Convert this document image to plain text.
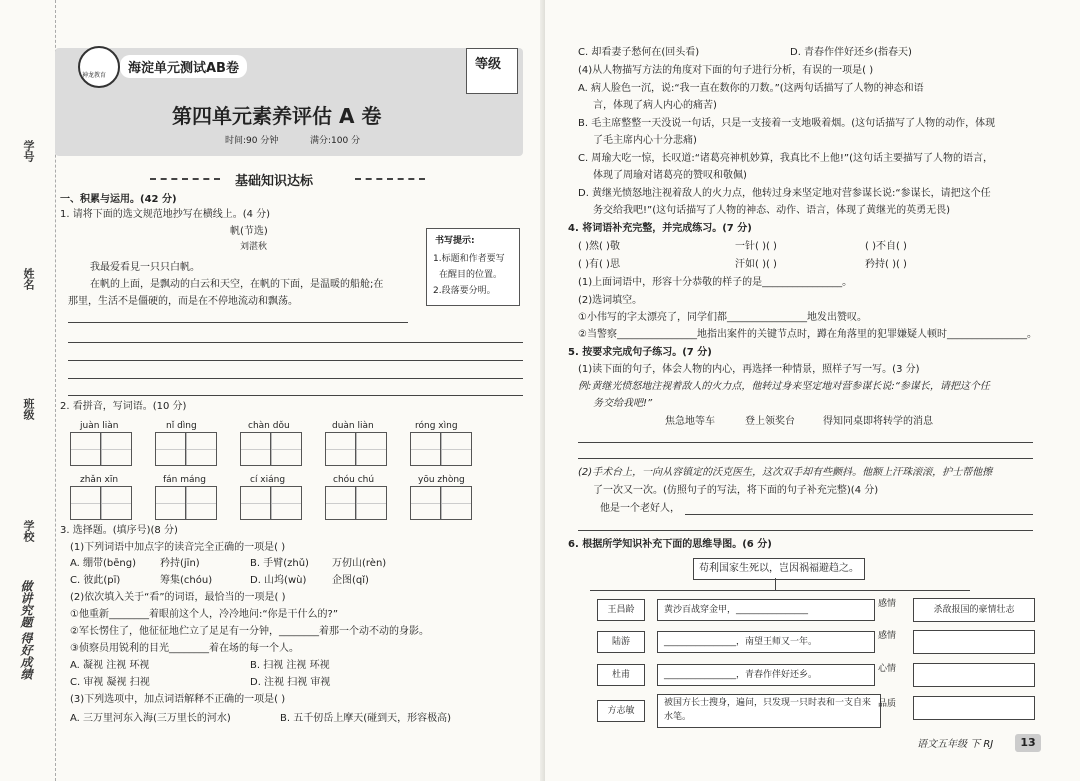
学号
姓名
班级
学校
做讲究题 得好成绩
神龙教育	海淀单元测试AB卷	等级
第四单元素养评估 A 卷
时间:90 分钟	满分:100 分
基础知识达标
一、积累与运用。(42 分)
1. 请将下面的选文规范地抄写在横线上。(4 分)
帆(节选)
刘湛秋
我最爱看見一只只白帆。
在帆的上面，是飘动的白云和天空，在帆的下面，是温暖的船舱;在
那里，生活不是僵硬的，而是在不停地流动和飘荡。
书写提示:
1.标题和作者要写
在醒目的位置。
2.段落要分明。
2. 看拼音，写词语。(10 分)
juàn liàn	nǐ dìng	chàn dǒu	duàn liàn	róng xìng
zhǎn xīn	fán máng	cí xiáng	chóu chú	yōu zhòng
3. 选择题。(填序号)(8 分)
(1)下列词语中加点字的读音完全正确的一项是( )
A. 绷带(bēng) 矜持(jīn)	B. 手臂(zhǔ) 万仞山(rèn)
C. 彼此(pī)	筹集(chóu)	D. 山坞(wù)	企图(qǐ)
(2)依次填入关于“看”的词语，最恰当的一项是( )
①他重新________着眼前这个人，冷冷地问:“你是干什么的?”
②军长愣住了，他征征地伫立了足足有一分钟，________着那一个动不动的身影。
③侦察员用锐利的目光________着在场的每一个人。
A. 凝视 注视 环视	B. 扫视 注视 环视
C. 审视 凝视 扫视	D. 注视 扫视 审视
(3)下列选项中，加点词语解释不正确的一项是( )
A. 三万里河东入海(三万里长的河水)	B. 五千仞岳上摩天(碰到天，形容极高)
C. 却看妻子愁何在(回头看)	D. 青春作伴好还乡(指春天)
(4)从人物描写方法的角度对下面的句子进行分析，有误的一项是( )
A. 病人脸色一沉，说:“我一直在数你的刀数。”(这两句话描写了人物的神态和语
言，体现了病人内心的痛苦)
B. 毛主席整整一天没说一句话，只是一支接着一支地吸着烟。(这句话描写了人物的动作，体现
了毛主席内心十分悲痛)
C. 周瑜大吃一惊，长叹道:“诸葛亮神机妙算，我真比不上他!”(这句话主要描写了人物的语言，
体现了周瑜对诸葛亮的赞叹和敬佩)
D. 黄继光愤怒地注视着敌人的火力点，他转过身来坚定地对营参谋长说:“参谋长，请把这个任
务交给我吧!”(这句话描写了人物的神态、动作、语言，体现了黄继光的英勇无畏)
4. 将词语补充完整，并完成练习。(7 分)
( )然( )敬	一针( )( )	( )不自( )
( )有( )思	汗如( )( )	矜持( )( )
(1)上面词语中，形容十分恭敬的样子的是________________。
(2)选词填空。
①小伟写的字太漂亮了，同学们都________________地发出赞叹。
②当警察________________地指出案件的关键节点时，蹲在角落里的犯罪嫌疑人顿时________________。
5. 按要求完成句子练习。(7 分)
(1)读下面的句子，体会人物的内心，再选择一种情景，照样子写一写。(3 分)
例:黄继光愤怒地注视着敌人的火力点，他转过身来坚定地对营参谋长说:“参谋长，请把这个任
务交给我吧!”
焦急地等车	登上领奖台	得知同桌即将转学的消息
(2)手术台上，一向从容镇定的沃克医生，这次双手却有些颤抖。他额上汗珠滚滚，护士帮他擦
了一次又一次。(仿照句子的写法，将下面的句子补充完整)(4 分)
他是一个老好人，
6. 根据所学知识补充下面的思维导图。(6 分)
苟利国家生死以，岂因祸福避趋之。
王昌龄	黄沙百战穿金甲，________________
感情
杀敌报国的豪情壮志
陆游	________________，南望王师又一年。
感情
杜甫	________________，青春作伴好还乡。
心情
方志敏
被国方长士搜身，遍问，只发现一只时表和一支自来水笔。
品质
语文五年级 下 RJ	13
